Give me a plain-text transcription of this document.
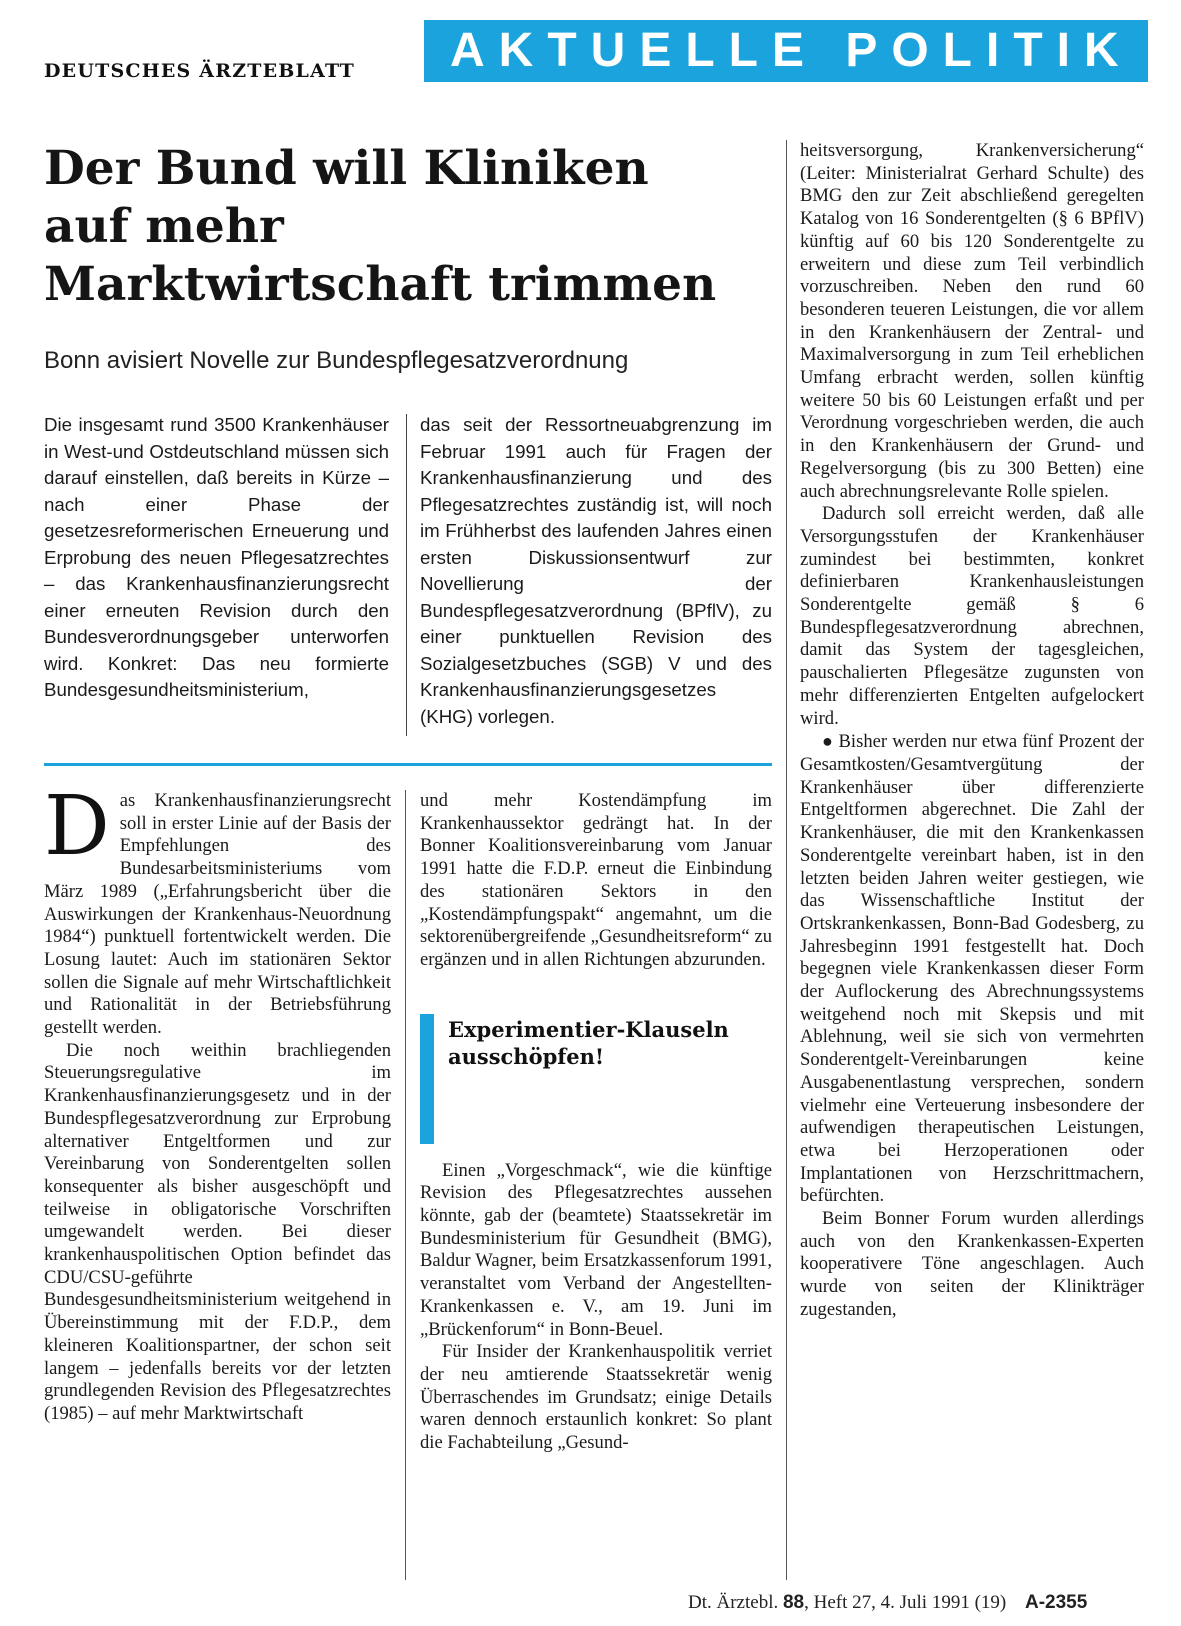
DEUTSCHES ÄRZTEBLATT	AKTUELLE POLITIK
Der Bund will Kliniken
auf mehr
Marktwirtschaft trimmen
Bonn avisiert Novelle zur Bundespflegesatzverordnung
Die insgesamt rund 3500 Krankenhäuser in West-und Ostdeutschland müssen sich darauf einstellen, daß bereits in Kürze – nach einer Phase der gesetzesreformerischen Erneuerung und Erprobung des neuen Pflegesatzrechtes – das Krankenhausfinanzierungsrecht einer erneuten Revision durch den Bundesverordnungsgeber unterworfen wird. Konkret: Das neu formierte Bundesgesundheitsministerium,
das seit der Ressortneuabgrenzung im Februar 1991 auch für Fragen der Krankenhausfinanzierung und des Pflegesatzrechtes zuständig ist, will noch im Frühherbst des laufenden Jahres einen ersten Diskussionsentwurf zur Novellierung der Bundespflegesatzverordnung (BPflV), zu einer punktuellen Revision des Sozialgesetzbuches (SGB) V und des Krankenhausfinanzierungsgesetzes (KHG) vorlegen.

Das Krankenhausfinanzierungsrecht soll in erster Linie auf der Basis der Empfehlungen des Bundesarbeitsministeriums vom März 1989 („Erfahrungsbericht über die Auswirkungen der Krankenhaus-Neuordnung 1984“) punktuell fortentwickelt werden. Die Losung lautet: Auch im stationären Sektor sollen die Signale auf mehr Wirtschaftlichkeit und Rationalität in der Betriebsführung gestellt werden.

Die noch weithin brachliegenden Steuerungsregulative im Krankenhausfinanzierungsgesetz und in der Bundespflegesatzverordnung zur Erprobung alternativer Entgeltformen und zur Vereinbarung von Sonderentgelten sollen konsequenter als bisher ausgeschöpft und teilweise in obligatorische Vorschriften umgewandelt werden. Bei dieser krankenhauspolitischen Option befindet das CDU/CSU-geführte Bundesgesundheitsministerium weitgehend in Übereinstimmung mit der F.D.P., dem kleineren Koalitionspartner, der schon seit langem – jedenfalls bereits vor der letzten grundlegenden Revision des Pflegesatzrechtes (1985) – auf mehr Marktwirtschaft

und mehr Kostendämpfung im Krankenhaussektor gedrängt hat. In der Bonner Koalitionsvereinbarung vom Januar 1991 hatte die F.D.P. erneut die Einbindung des stationären Sektors in den „Kostendämpfungspakt“ angemahnt, um die sektorenübergreifende „Gesundheitsreform“ zu ergänzen und in allen Richtungen abzurunden.

Experimentier-Klauseln ausschöpfen!

Einen „Vorgeschmack“, wie die künftige Revision des Pflegesatzrechtes aussehen könnte, gab der (beamtete) Staatssekretär im Bundesministerium für Gesundheit (BMG), Baldur Wagner, beim Ersatzkassenforum 1991, veranstaltet vom Verband der Angestellten-Krankenkassen e. V., am 19. Juni im „Brückenforum“ in Bonn-Beuel.

Für Insider der Krankenhauspolitik verriet der neu amtierende Staatssekretär wenig Überraschendes im Grundsatz; einige Details waren dennoch erstaunlich konkret: So plant die Fachabteilung „Gesund-

heitsversorgung, Krankenversicherung“ (Leiter: Ministerialrat Gerhard Schulte) des BMG den zur Zeit abschließend geregelten Katalog von 16 Sonderentgelten (§ 6 BPflV) künftig auf 60 bis 120 Sonderentgelte zu erweitern und diese zum Teil verbindlich vorzuschreiben. Neben den rund 60 besonderen teueren Leistungen, die vor allem in den Krankenhäusern der Zentral- und Maximalversorgung in zum Teil erheblichen Umfang erbracht werden, sollen künftig weitere 50 bis 60 Leistungen erfaßt und per Verordnung vorgeschrieben werden, die auch in den Krankenhäusern der Grund- und Regelversorgung (bis zu 300 Betten) eine auch abrechnungsrelevante Rolle spielen.

Dadurch soll erreicht werden, daß alle Versorgungsstufen der Krankenhäuser zumindest bei bestimmten, konkret definierbaren Krankenhausleistungen Sonderentgelte gemäß § 6 Bundespflegesatzverordnung abrechnen, damit das System der tagesgleichen, pauschalierten Pflegesätze zugunsten von mehr differenzierten Entgelten aufgelockert wird.

● Bisher werden nur etwa fünf Prozent der Gesamtkosten/Gesamtvergütung der Krankenhäuser über differenzierte Entgeltformen abgerechnet. Die Zahl der Krankenhäuser, die mit den Krankenkassen Sonderentgelte vereinbart haben, ist in den letzten beiden Jahren weiter gestiegen, wie das Wissenschaftliche Institut der Ortskrankenkassen, Bonn-Bad Godesberg, zu Jahresbeginn 1991 festgestellt hat. Doch begegnen viele Krankenkassen dieser Form der Auflockerung des Abrechnungssystems weitgehend noch mit Skepsis und mit Ablehnung, weil sie sich von vermehrten Sonderentgelt-Vereinbarungen keine Ausgabenentlastung versprechen, sondern vielmehr eine Verteuerung insbesondere der aufwendigen therapeutischen Leistungen, etwa bei Herzoperationen oder Implantationen von Herzschrittmachern, befürchten.

Beim Bonner Forum wurden allerdings auch von den Krankenkassen-Experten kooperativere Töne angeschlagen. Auch wurde von seiten der Klinikträger zugestanden,

Dt. Ärztebl. 88, Heft 27, 4. Juli 1991 (19) A-2355
